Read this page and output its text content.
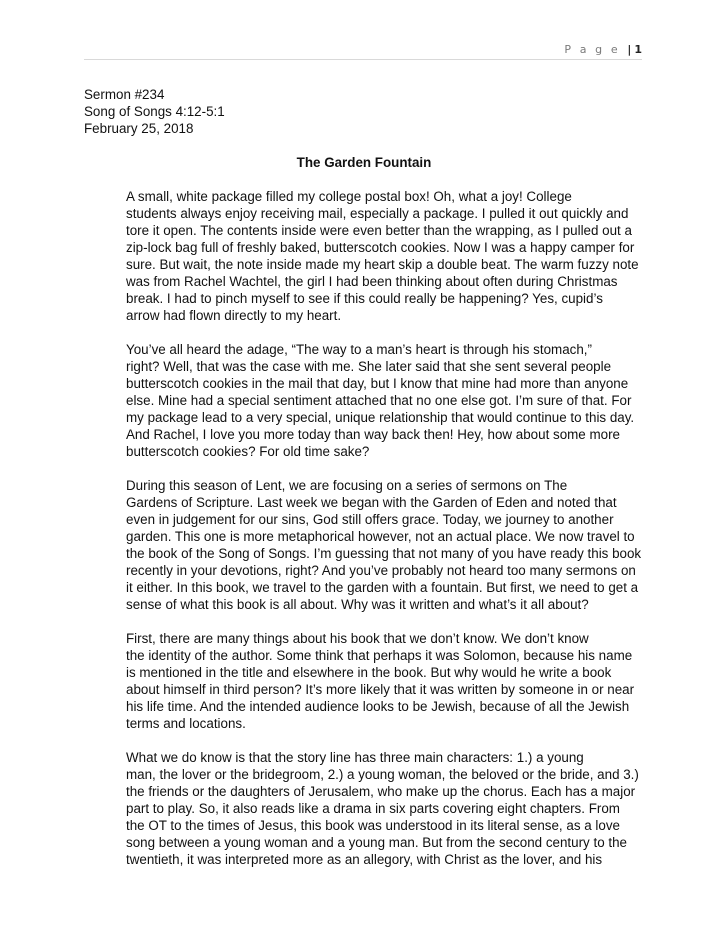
P a g e | 1
Sermon #234
Song of Songs 4:12-5:1
February 25, 2018
The Garden Fountain
A small, white package filled my college postal box! Oh, what a joy! College
students always enjoy receiving mail, especially a package. I pulled it out quickly and
tore it open. The contents inside were even better than the wrapping, as I pulled out a
zip-lock bag full of freshly baked, butterscotch cookies. Now I was a happy camper for
sure. But wait, the note inside made my heart skip a double beat. The warm fuzzy note
was from Rachel Wachtel, the girl I had been thinking about often during Christmas
break. I had to pinch myself to see if this could really be happening? Yes, cupid’s
arrow had flown directly to my heart.
You’ve all heard the adage, “The way to a man’s heart is through his stomach,”
right? Well, that was the case with me. She later said that she sent several people
butterscotch cookies in the mail that day, but I know that mine had more than anyone
else. Mine had a special sentiment attached that no one else got. I’m sure of that. For
my package lead to a very special, unique relationship that would continue to this day.
And Rachel, I love you more today than way back then! Hey, how about some more
butterscotch cookies? For old time sake?
During this season of Lent, we are focusing on a series of sermons on The
Gardens of Scripture. Last week we began with the Garden of Eden and noted that
even in judgement for our sins, God still offers grace. Today, we journey to another
garden. This one is more metaphorical however, not an actual place. We now travel to
the book of the Song of Songs. I’m guessing that not many of you have ready this book
recently in your devotions, right? And you’ve probably not heard too many sermons on
it either. In this book, we travel to the garden with a fountain. But first, we need to get a
sense of what this book is all about. Why was it written and what’s it all about?
First, there are many things about his book that we don’t know. We don’t know
the identity of the author. Some think that perhaps it was Solomon, because his name
is mentioned in the title and elsewhere in the book. But why would he write a book
about himself in third person? It’s more likely that it was written by someone in or near
his life time. And the intended audience looks to be Jewish, because of all the Jewish
terms and locations.
What we do know is that the story line has three main characters: 1.) a young
man, the lover or the bridegroom, 2.) a young woman, the beloved or the bride, and 3.)
the friends or the daughters of Jerusalem, who make up the chorus. Each has a major
part to play. So, it also reads like a drama in six parts covering eight chapters. From
the OT to the times of Jesus, this book was understood in its literal sense, as a love
song between a young woman and a young man. But from the second century to the
twentieth, it was interpreted more as an allegory, with Christ as the lover, and his
